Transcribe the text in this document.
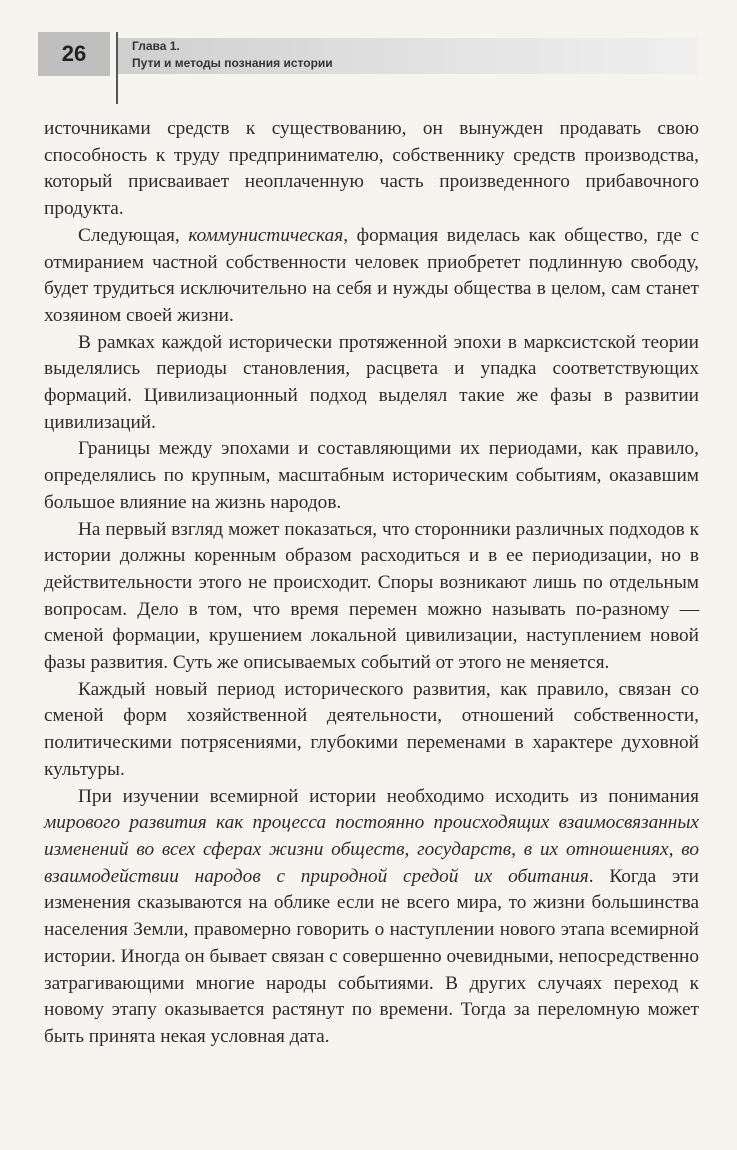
26	Глава 1.
Пути и методы познания истории

источниками средств к существованию, он вынужден продавать свою способность к труду предпринимателю, собственнику средств производства, который присваивает неоплаченную часть произведенного прибавочного продукта.

Следующая, коммунистическая, формация виделась как общество, где с отмиранием частной собственности человек приобретет подлинную свободу, будет трудиться исключительно на себя и нужды общества в целом, сам станет хозяином своей жизни.

В рамках каждой исторически протяженной эпохи в марксистской теории выделялись периоды становления, расцвета и упадка соответствующих формаций. Цивилизационный подход выделял такие же фазы в развитии цивилизаций.

Границы между эпохами и составляющими их периодами, как правило, определялись по крупным, масштабным историческим событиям, оказавшим большое влияние на жизнь народов.

На первый взгляд может показаться, что сторонники различных подходов к истории должны коренным образом расходиться и в ее периодизации, но в действительности этого не происходит. Споры возникают лишь по отдельным вопросам. Дело в том, что время перемен можно называть по-разному — сменой формации, крушением локальной цивилизации, наступлением новой фазы развития. Суть же описываемых событий от этого не меняется.

Каждый новый период исторического развития, как правило, связан со сменой форм хозяйственной деятельности, отношений собственности, политическими потрясениями, глубокими переменами в характере духовной культуры.

При изучении всемирной истории необходимо исходить из понимания мирового развития как процесса постоянно происходящих взаимосвязанных изменений во всех сферах жизни обществ, государств, в их отношениях, во взаимодействии народов с природной средой их обитания. Когда эти изменения сказываются на облике если не всего мира, то жизни большинства населения Земли, правомерно говорить о наступлении нового этапа всемирной истории. Иногда он бывает связан с совершенно очевидными, непосредственно затрагивающими многие народы событиями. В других случаях переход к новому этапу оказывается растянут по времени. Тогда за переломную может быть принята некая условная дата.
